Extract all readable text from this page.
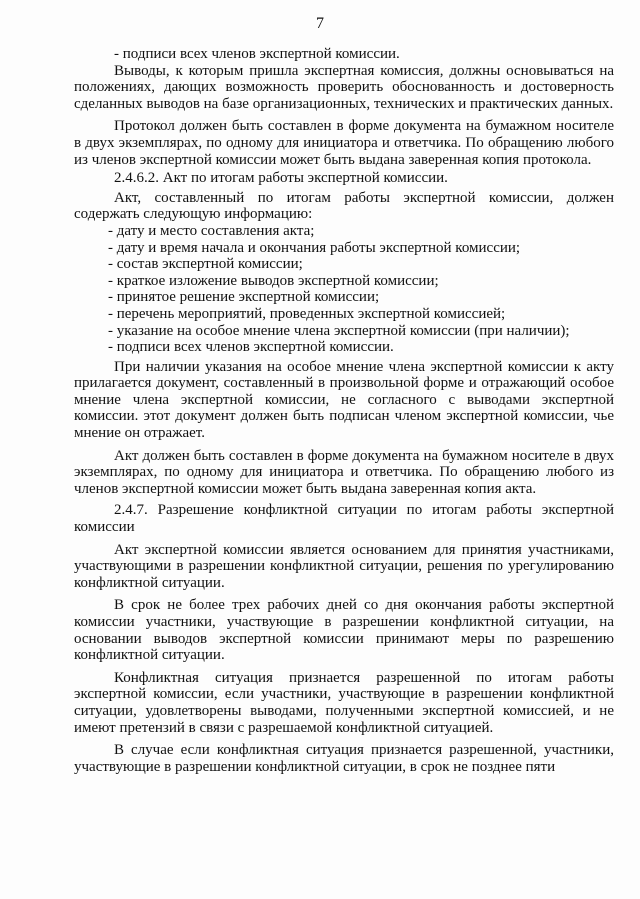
7

- подписи всех членов экспертной комиссии.

Выводы, к которым пришла экспертная комиссия, должны основываться на положениях, дающих возможность проверить обоснованность и достоверность сделанных выводов на базе организационных, технических и практических данных.

Протокол должен быть составлен в форме документа на бумажном носителе в двух экземплярах, по одному для инициатора и ответчика. По обращению любого из членов экспертной комиссии может быть выдана заверенная копия протокола.

2.4.6.2. Акт по итогам работы экспертной комиссии.

Акт, составленный по итогам работы экспертной комиссии, должен содержать следующую информацию:

- дату и место составления акта;

- дату и время начала и окончания работы экспертной комиссии;

- состав экспертной комиссии;

- краткое изложение выводов экспертной комиссии;

- принятое решение экспертной комиссии;

- перечень мероприятий, проведенных экспертной комиссией;

- указание на особое мнение члена экспертной комиссии (при наличии);

- подписи всех членов экспертной комиссии.

При наличии указания на особое мнение члена экспертной комиссии к акту прилагается документ, составленный в произвольной форме и отражающий особое мнение члена экспертной комиссии, не согласного с выводами экспертной комиссии. этот документ должен быть подписан членом экспертной комиссии, чье мнение он отражает.

Акт должен быть составлен в форме документа на бумажном носителе в двух экземплярах, по одному для инициатора и ответчика. По обращению любого из членов экспертной комиссии может быть выдана заверенная копия акта.

2.4.7. Разрешение конфликтной ситуации по итогам работы экспертной комиссии

Акт экспертной комиссии является основанием для принятия участниками, участвующими в разрешении конфликтной ситуации, решения по урегулированию конфликтной ситуации.

В срок не более трех рабочих дней со дня окончания работы экспертной комиссии участники, участвующие в разрешении конфликтной ситуации, на основании выводов экспертной комиссии принимают меры по разрешению конфликтной ситуации.

Конфликтная ситуация признается разрешенной по итогам работы экспертной комиссии, если участники, участвующие в разрешении конфликтной ситуации, удовлетворены выводами, полученными экспертной комиссией, и не имеют претензий в связи с разрешаемой конфликтной ситуацией.

В случае если конфликтная ситуация признается разрешенной, участники, участвующие в разрешении конфликтной ситуации, в срок не позднее пяти
